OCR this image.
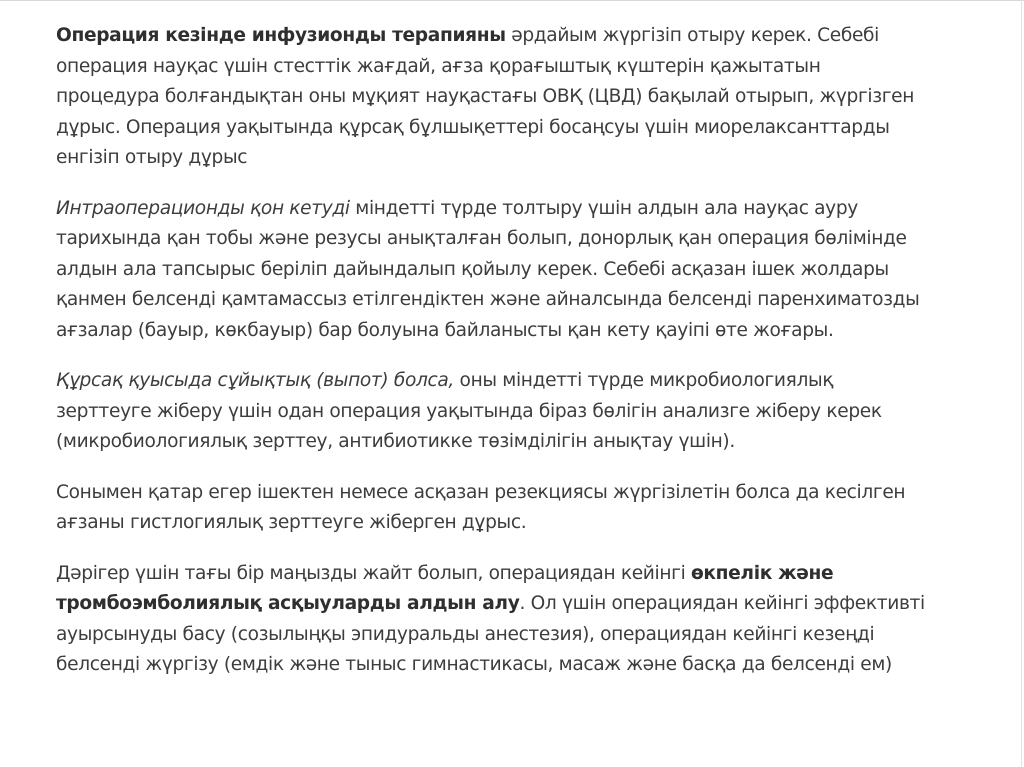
Операция кезінде инфузионды терапияны әрдайым жүргізіп отыру керек. Себебі
операция науқас үшін стесттік жағдай, ағза қорағыштық күштерін қажытатын
процедура болғандықтан оны мұқият науқастағы ОВҚ (ЦВД) бақылай отырып, жүргізген
дұрыс. Операция уақытында құрсақ бұлшықеттері босаңсуы үшін миорелаксанттарды
енгізіп отыру дұрыс
Интраоперационды қон кетуді міндетті түрде толтыру үшін алдын ала науқас ауру
тарихында қан тобы және резусы анықталған болып, донорлық қан операция бөлімінде
алдын ала тапсырыс беріліп дайындалып қойылу керек. Себебі асқазан ішек жолдары
қанмен белсенді қамтамассыз етілгендіктен және айналсында белсенді паренхиматозды
ағзалар (бауыр, көкбауыр) бар болуына байланысты қан кету қауіпі өте жоғары.
Құрсақ қуысыда сұйықтық (выпот) болса, оны міндетті түрде микробиологиялық
зерттеуге жіберу үшін одан операция уақытында біраз бөлігін анализге жіберу керек
(микробиологиялық зерттеу, антибиотикке төзімділігін анықтау үшін).
Сонымен қатар егер ішектен немесе асқазан резекциясы жүргізілетін болса да кесілген
ағзаны гистлогиялық зерттеуге жіберген дұрыс.
Дәрігер үшін тағы бір маңызды жайт болып, операциядан кейінгі өкпелік және
тромбоэмболиялық асқыуларды алдын алу. Ол үшін операциядан кейінгі эффективті
ауырсынуды басу (созылыңқы эпидуральды анестезия), операциядан кейінгі кезеңді
белсенді жүргізу (емдік және тыныс гимнастикасы, масаж және басқа да белсенді ем)
